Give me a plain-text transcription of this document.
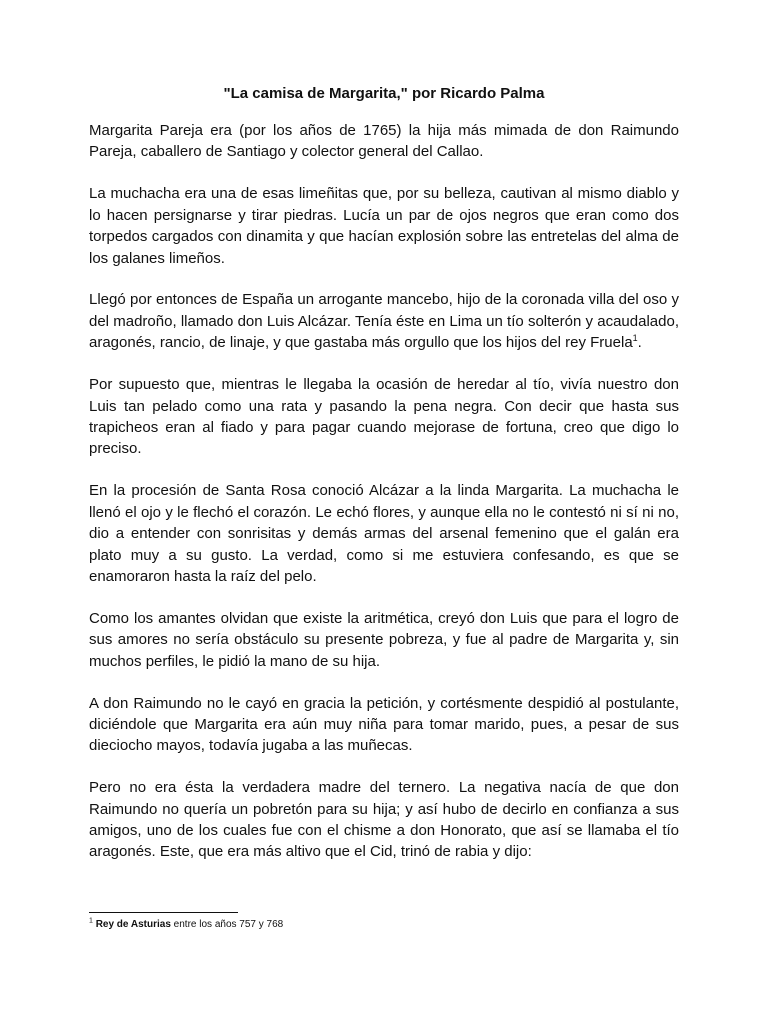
"La camisa de Margarita," por Ricardo Palma

Margarita Pareja era (por los años de 1765) la hija más mimada de don Raimundo Pareja, caballero de Santiago y colector general del Callao.

La muchacha era una de esas limeñitas que, por su belleza, cautivan al mismo diablo y lo hacen persignarse y tirar piedras. Lucía un par de ojos negros que eran como dos torpedos cargados con dinamita y que hacían explosión sobre las entretelas del alma de los galanes limeños.

Llegó por entonces de España un arrogante mancebo, hijo de la coronada villa del oso y del madroño, llamado don Luis Alcázar. Tenía éste en Lima un tío solterón y acaudalado, aragonés, rancio, de linaje, y que gastaba más orgullo que los hijos del rey Fruela$^1$.

Por supuesto que, mientras le llegaba la ocasión de heredar al tío, vivía nuestro don Luis tan pelado como una rata y pasando la pena negra. Con decir que hasta sus trapicheos eran al fiado y para pagar cuando mejorase de fortuna, creo que digo lo preciso.

En la procesión de Santa Rosa conoció Alcázar a la linda Margarita. La muchacha le llenó el ojo y le flechó el corazón. Le echó flores, y aunque ella no le contestó ni sí ni no, dio a entender con sonrisitas y demás armas del arsenal femenino que el galán era plato muy a su gusto. La verdad, como si me estuviera confesando, es que se enamoraron hasta la raíz del pelo.

Como los amantes olvidan que existe la aritmética, creyó don Luis que para el logro de sus amores no sería obstáculo su presente pobreza, y fue al padre de Margarita y, sin muchos perfiles, le pidió la mano de su hija.

A don Raimundo no le cayó en gracia la petición, y cortésmente despidió al postulante, diciéndole que Margarita era aún muy niña para tomar marido, pues, a pesar de sus dieciocho mayos, todavía jugaba a las muñecas.

Pero no era ésta la verdadera madre del ternero. La negativa nacía de que don Raimundo no quería un pobretón para su hija; y así hubo de decirlo en confianza a sus amigos, uno de los cuales fue con el chisme a don Honorato, que así se llamaba el tío aragonés. Este, que era más altivo que el Cid, trinó de rabia y dijo:

$^1$ Rey de Asturias entre los años 757 y 768
